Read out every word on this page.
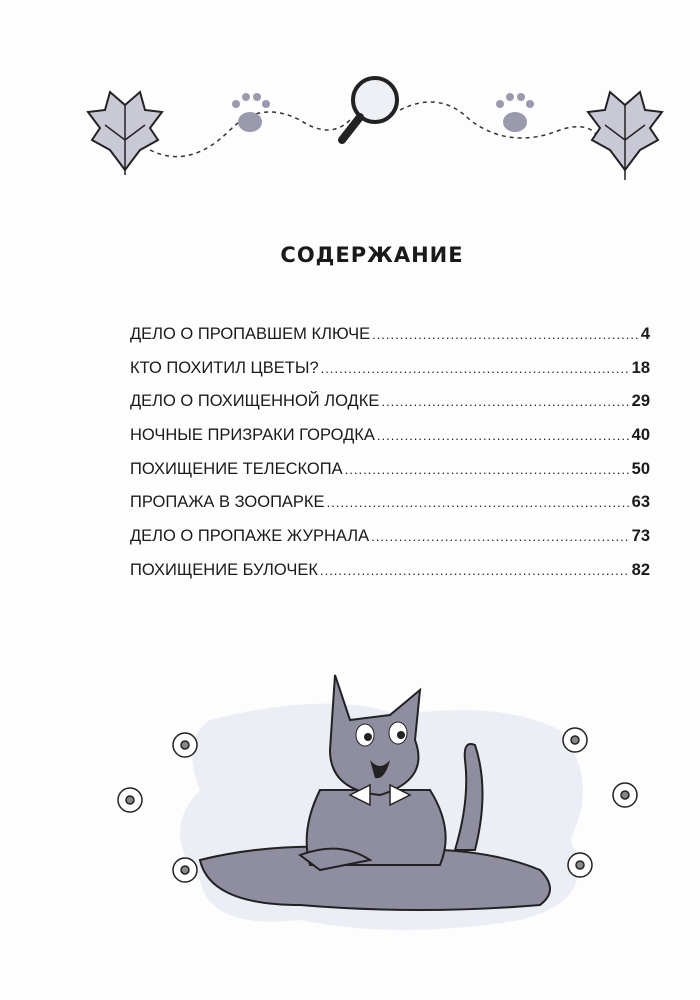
СОДЕРЖАНИЕ
ДЕЛО О ПРОПАВШЕМ КЛЮЧЕ .....	4
КТО ПОХИТИЛ ЦВЕТЫ? .....	18
ДЕЛО О ПОХИЩЕННОЙ ЛОДКЕ .....	29
НОЧНЫЕ ПРИЗРАКИ ГОРОДКА .....	40
ПОХИЩЕНИЕ ТЕЛЕСКОПА .....	50
ПРОПАЖА В ЗООПАРКЕ .....	63
ДЕЛО О ПРОПАЖЕ ЖУРНАЛА .....	73
ПОХИЩЕНИЕ БУЛОЧЕК .....	82
